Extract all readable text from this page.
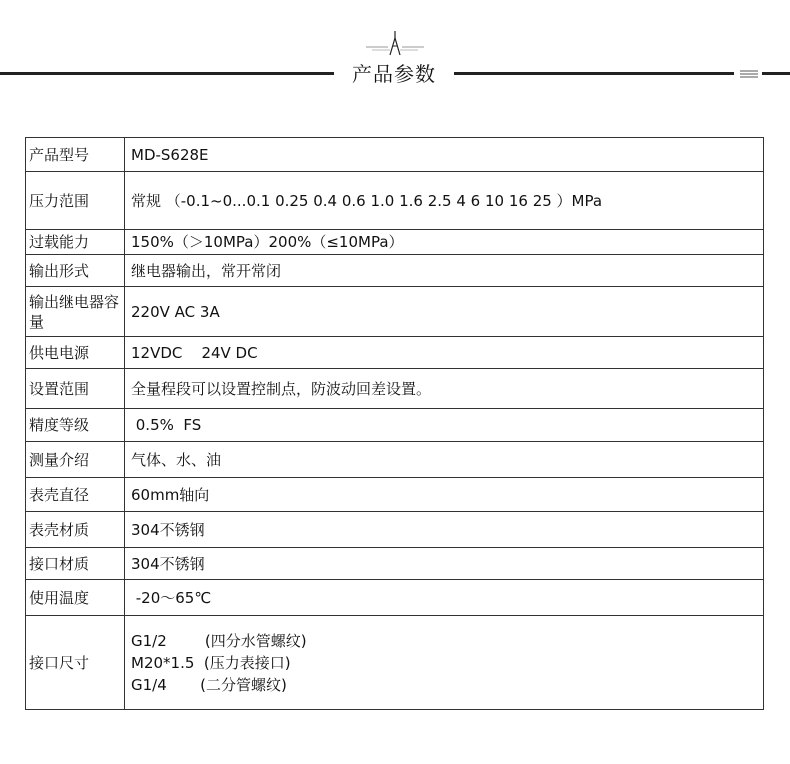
产品参数
产品型号	MD-S628E
压力范围	常规 （-0.1~0...0.1 0.25 0.4 0.6 1.0 1.6 2.5 4 6 10 16 25 ）MPa
过载能力	150%（＞10MPa）200%（≤10MPa）
输出形式	继电器输出，常开常闭
输出继电器容量	220V AC 3A
供电电源	12VDC    24V DC
设置范围	全量程段可以设置控制点，防波动回差设置。
精度等级	0.5%  FS
测量介绍	气体、水、油
表壳直径	60mm轴向
表壳材质	304不锈钢
接口材质	304不锈钢
使用温度	-20～65℃
接口尺寸	G1/2        (四分水管螺纹)
M20*1.5  (压力表接口)
G1/4       (二分管螺纹)
